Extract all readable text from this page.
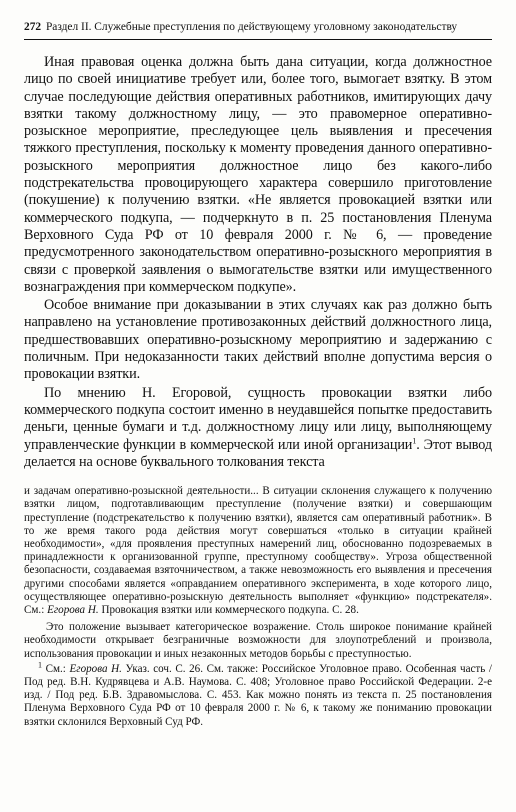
272 Раздел II. Служебные преступления по действующему уголовному законодательству

Иная правовая оценка должна быть дана ситуации, когда должностное лицо по своей инициативе требует или, более того, вымогает взятку. В этом случае последующие действия оперативных работников, имитирующих дачу взятки такому должностному лицу, — это правомерное оперативно-розыскное мероприятие, преследующее цель выявления и пресечения тяжкого преступления, поскольку к моменту проведения данного оперативно-розыскного мероприятия должностное лицо без какого-либо подстрекательства провоцирующего характера совершило приготовление (покушение) к получению взятки. «Не является провокацией взятки или коммерческого подкупа, — подчеркнуто в п. 25 постановления Пленума Верховного Суда РФ от 10 февраля 2000 г. № 6, — проведение предусмотренного законодательством оперативно-розыскного мероприятия в связи с проверкой заявления о вымогательстве взятки или имущественного вознаграждения при коммерческом подкупе».

Особое внимание при доказывании в этих случаях как раз должно быть направлено на установление противозаконных действий должностного лица, предшествовавших оперативно-розыскному мероприятию и задержанию с поличным. При недоказанности таких действий вполне допустима версия о провокации взятки.

По мнению Н. Егоровой, сущность провокации взятки либо коммерческого подкупа состоит именно в неудавшейся попытке предоставить деньги, ценные бумаги и т.д. должностному лицу или лицу, выполняющему управленческие функции в коммерческой или иной организации$^1$. Этот вывод делается на основе буквального толкования текста

и задачам оперативно-розыскной деятельности... В ситуации склонения служащего к получению взятки лицом, подготавливающим преступление (получение взятки) и совершающим преступление (подстрекательство к получению взятки), является сам оперативный работник». В то же время такого рода действия могут совершаться «только в ситуации крайней необходимости», «для проявления преступных намерений лиц, обоснованно подозреваемых в принадлежности к организованной группе, преступному сообществу». Угроза общественной безопасности, создаваемая взяточничеством, а также невозможность его выявления и пресечения другими способами является «оправданием оперативного эксперимента, в ходе которого лицо, осуществляющее оперативно-розыскную деятельность выполняет «функцию» подстрекателя». См.: Егорова Н. Провокация взятки или коммерческого подкупа. С. 28.

Это положение вызывает категорическое возражение. Столь широкое понимание крайней необходимости открывает безграничные возможности для злоупотреблений и произвола, использования провокации и иных незаконных методов борьбы с преступностью.

$^1$ См.: Егорова Н. Указ. соч. С. 26. См. также: Российское Уголовное право. Особенная часть / Под ред. В.Н. Кудрявцева и А.В. Наумова. С. 408; Уголовное право Российской Федерации. 2-е изд. / Под ред. Б.В. Здравомыслова. С. 453. Как можно понять из текста п. 25 постановления Пленума Верховного Суда РФ от 10 февраля 2000 г. № 6, к такому же пониманию провокации взятки склонился Верховный Суд РФ.
